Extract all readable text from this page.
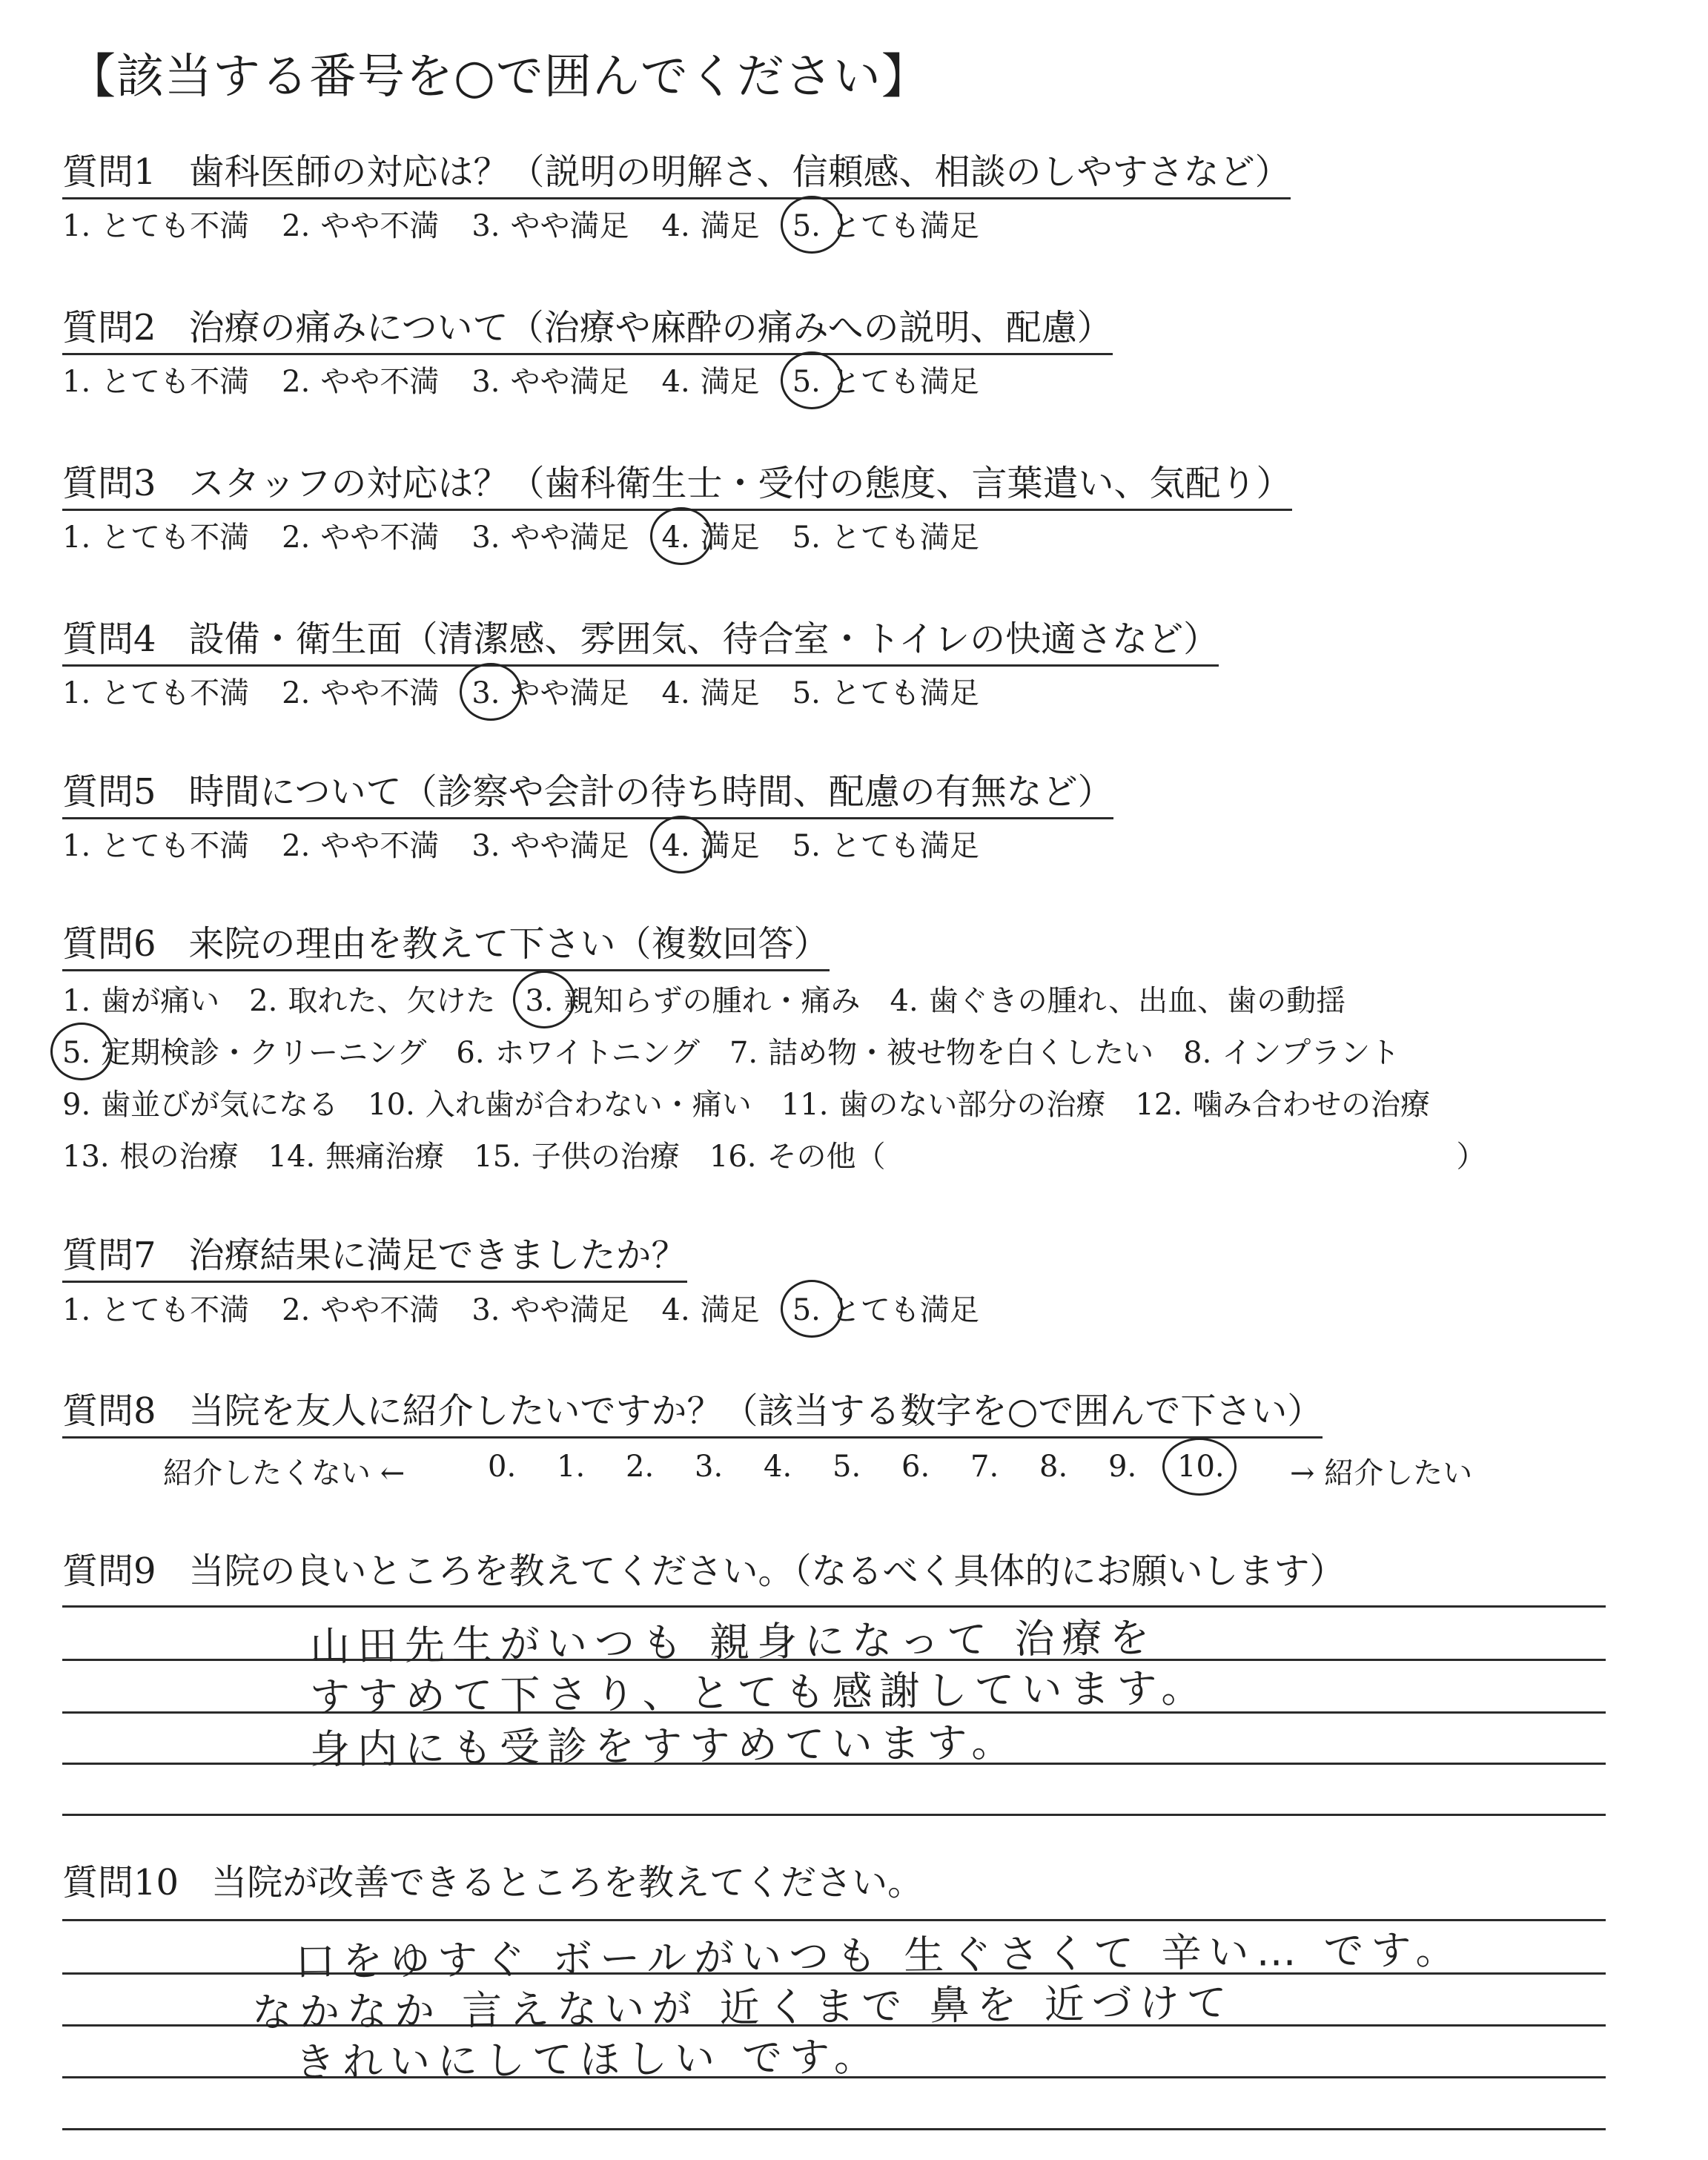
【該当する番号を○で囲んでください】
質問1 歯科医師の対応は？（説明の明解さ、信頼感、相談のしやすさなど）
1. とても不満 2. やや不満 3. やや満足 4. 満足 5. とても満足
質問2 治療の痛みについて（治療や麻酔の痛みへの説明、配慮）
1. とても不満 2. やや不満 3. やや満足 4. 満足 5. とても満足
質問3 スタッフの対応は？（歯科衛生士・受付の態度、言葉遣い、気配り）
1. とても不満 2. やや不満 3. やや満足 4. 満足 5. とても満足
質問4 設備・衛生面（清潔感、雰囲気、待合室・トイレの快適さなど）
1. とても不満 2. やや不満 3. やや満足 4. 満足 5. とても満足
質問5 時間について（診察や会計の待ち時間、配慮の有無など）
1. とても不満 2. やや不満 3. やや満足 4. 満足 5. とても満足
質問6 来院の理由を教えて下さい（複数回答）
1. 歯が痛い 2. 取れた、欠けた 3. 親知らずの腫れ・痛み 4. 歯ぐきの腫れ、出血、歯の動揺
5. 定期検診・クリーニング 6. ホワイトニング 7. 詰め物・被せ物を白くしたい 8. インプラント
9. 歯並びが気になる 10. 入れ歯が合わない・痛い 11. 歯のない部分の治療 12. 噛み合わせの治療
13. 根の治療 14. 無痛治療 15. 子供の治療 16. その他（	）
質問7 治療結果に満足できましたか？
1. とても不満 2. やや不満 3. やや満足 4. 満足 5. とても満足
質問8 当院を友人に紹介したいですか？（該当する数字を○で囲んで下さい）
紹介したくない ←	→ 紹介したい
0. 1. 2. 3. 4. 5. 6. 7. 8. 9. 10.
質問9 当院の良いところを教えてください。（なるべく具体的にお願いします）
山田先生がいつも 親身になって 治療を
すすめて下さり、とても感謝しています。
身内にも受診をすすめています。
質問10 当院が改善できるところを教えてください。
口をゆすぐ ボールがいつも 生ぐさくて 辛い… です。
なかなか 言えないが 近くまで 鼻を 近づけて
きれいにしてほしい です。
